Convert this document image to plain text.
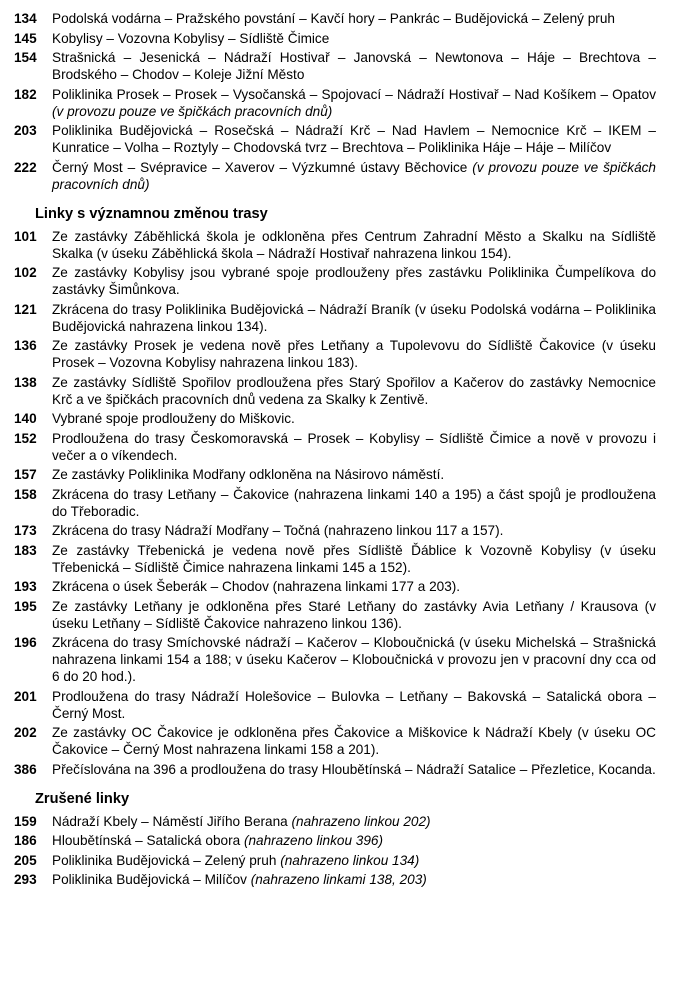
134	Podolská vodárna – Pražského povstání – Kavčí hory – Pankrác – Budějovická – Zelený pruh
145	Kobylisy – Vozovna Kobylisy – Sídliště Čimice
154	Strašnická – Jesenická – Nádraží Hostivař – Janovská – Newtonova – Háje – Brechtova – Brodského – Chodov – Koleje Jižní Město
182	Poliklinika Prosek – Prosek – Vysočanská – Spojovací – Nádraží Hostivař – Nad Košíkem – Opatov (v provozu pouze ve špičkách pracovních dnů)
203	Poliklinika Budějovická – Rosečská – Nádraží Krč – Nad Havlem – Nemocnice Krč – IKEM – Kunratice – Volha – Roztyly – Chodovská tvrz – Brechtova – Poliklinika Háje – Háje – Milíčov
222	Černý Most – Svépravice – Xaverov – Výzkumné ústavy Běchovice (v provozu pouze ve špičkách pracovních dnů)
Linky s významnou změnou trasy
101	Ze zastávky Záběhlická škola je odkloněna přes Centrum Zahradní Město a Skalku na Sídliště Skalka (v úseku Záběhlická škola – Nádraží Hostivař nahrazena linkou 154).
102	Ze zastávky Kobylisy jsou vybrané spoje prodlouženy přes zastávku Poliklinika Čumpelíkova do zastávky Šimůnkova.
121	Zkrácena do trasy Poliklinika Budějovická – Nádraží Braník (v úseku Podolská vodárna – Poliklinika Budějovická nahrazena linkou 134).
136	Ze zastávky Prosek je vedena nově přes Letňany a Tupolevovu do Sídliště Čakovice (v úseku Prosek – Vozovna Kobylisy nahrazena linkou 183).
138	Ze zastávky Sídliště Spořilov prodloužena přes Starý Spořilov a Kačerov do zastávky Nemocnice Krč a ve špičkách pracovních dnů vedena za Skalky k Zentivě.
140	Vybrané spoje prodlouženy do Miškovic.
152	Prodloužena do trasy Českomoravská – Prosek – Kobylisy – Sídliště Čimice a nově v provozu i večer a o víkendech.
157	Ze zastávky Poliklinika Modřany odkloněna na Násirovo náměstí.
158	Zkrácena do trasy Letňany – Čakovice (nahrazena linkami 140 a 195) a část spojů je prodloužena do Třeboradic.
173	Zkrácena do trasy Nádraží Modřany – Točná (nahrazeno linkou 117 a 157).
183	Ze zastávky Třebenická je vedena nově přes Sídliště Ďáblice k Vozovně Kobylisy (v úseku Třebenická – Sídliště Čimice nahrazena linkami 145 a 152).
193	Zkrácena o úsek Šeberák – Chodov (nahrazena linkami 177 a 203).
195	Ze zastávky Letňany je odkloněna přes Staré Letňany do zastávky Avia Letňany / Krausova (v úseku Letňany – Sídliště Čakovice nahrazeno linkou 136).
196	Zkrácena do trasy Smíchovské nádraží – Kačerov – Kloboučnická (v úseku Michelská – Strašnická nahrazena linkami 154 a 188; v úseku Kačerov – Kloboučnická v provozu jen v pracovní dny cca od 6 do 20 hod.).
201	Prodloužena do trasy Nádraží Holešovice – Bulovka – Letňany – Bakovská – Satalická obora – Černý Most.
202	Ze zastávky OC Čakovice je odkloněna přes Čakovice a Miškovice k Nádraží Kbely (v úseku OC Čakovice – Černý Most nahrazena linkami 158 a 201).
386	Přečíslována na 396 a prodloužena do trasy Hloubětínská – Nádraží Satalice – Přezletice, Kocanda.
Zrušené linky
159	Nádraží Kbely – Náměstí Jiřího Berana (nahrazeno linkou 202)
186	Hloubětínská – Satalická obora (nahrazeno linkou 396)
205	Poliklinika Budějovická – Zelený pruh (nahrazeno linkou 134)
293	Poliklinika Budějovická – Milíčov (nahrazeno linkami 138, 203)
